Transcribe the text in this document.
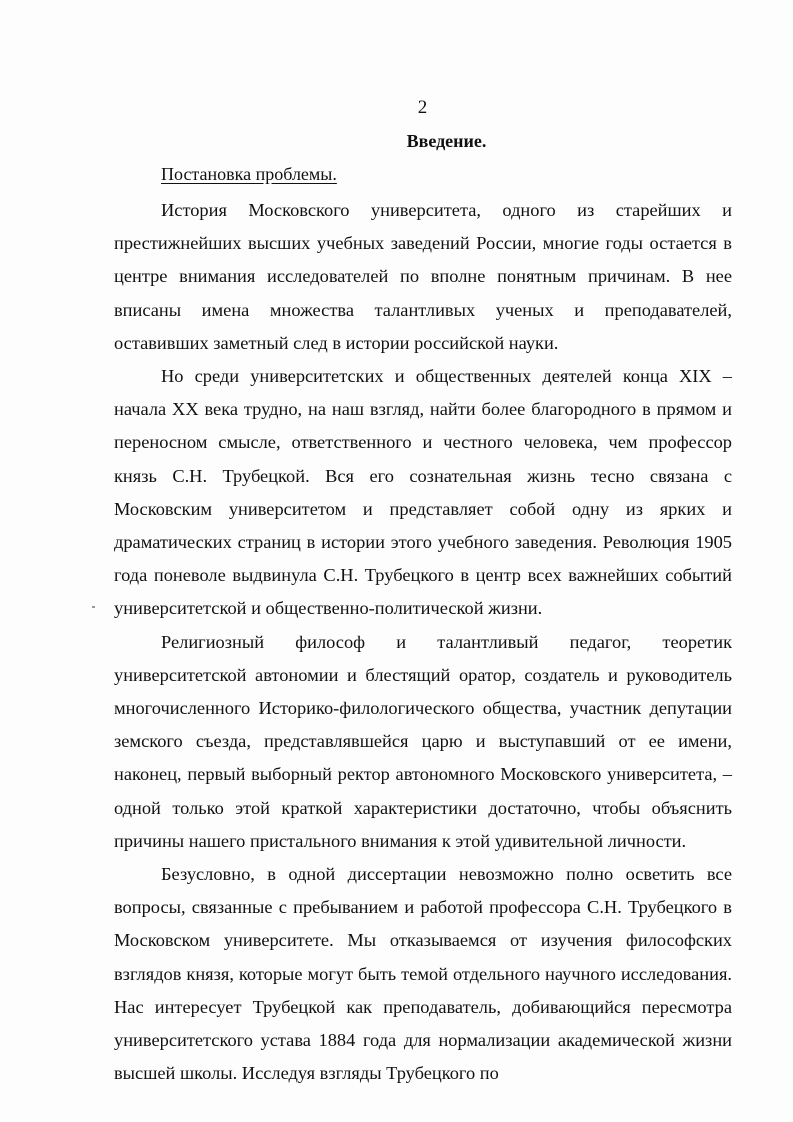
2
Введение.
Постановка проблемы.

История Московского университета, одного из старейших и престижнейших высших учебных заведений России, многие годы остается в центре внимания исследователей по вполне понятным причинам. В нее вписаны имена множества талантливых ученых и преподавателей, оставивших заметный след в истории российской науки.

Но среди университетских и общественных деятелей конца XIX – начала XX века трудно, на наш взгляд, найти более благородного в прямом и переносном смысле, ответственного и честного человека, чем профессор князь С.Н. Трубецкой. Вся его сознательная жизнь тесно связана с Московским университетом и представляет собой одну из ярких и драматических страниц в истории этого учебного заведения. Революция 1905 года поневоле выдвинула С.Н. Трубецкого в центр всех важнейших событий университетской и общественно-политической жизни.

Религиозный философ и талантливый педагог, теоретик университетской автономии и блестящий оратор, создатель и руководитель многочисленного Историко-филологического общества, участник депутации земского съезда, представлявшейся царю и выступавший от ее имени, наконец, первый выборный ректор автономного Московского университета, – одной только этой краткой характеристики достаточно, чтобы объяснить причины нашего пристального внимания к этой удивительной личности.

Безусловно, в одной диссертации невозможно полно осветить все вопросы, связанные с пребыванием и работой профессора С.Н. Трубецкого в Московском университете. Мы отказываемся от изучения философских взглядов князя, которые могут быть темой отдельного научного исследования. Нас интересует Трубецкой как преподаватель, добивающийся пересмотра университетского устава 1884 года для нормализации академической жизни высшей школы. Исследуя взгляды Трубецкого по
